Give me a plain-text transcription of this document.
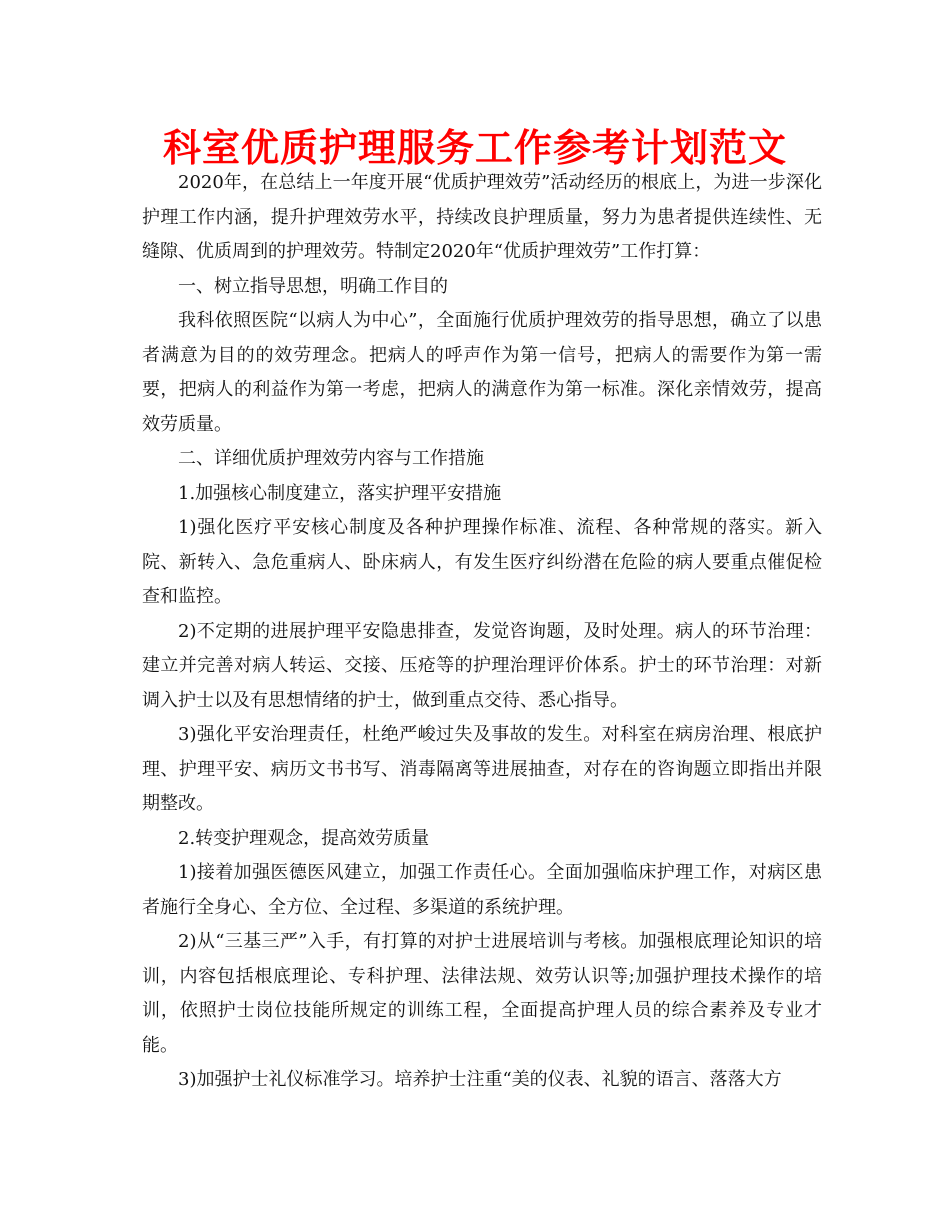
科室优质护理服务工作参考计划范文

2020年，在总结上一年度开展“优质护理效劳”活动经历的根底上，为进一步深化护理工作内涵，提升护理效劳水平，持续改良护理质量，努力为患者提供连续性、无缝隙、优质周到的护理效劳。特制定2020年“优质护理效劳”工作打算：

一、树立指导思想，明确工作目的

我科依照医院“以病人为中心”，全面施行优质护理效劳的指导思想，确立了以患者满意为目的的效劳理念。把病人的呼声作为第一信号，把病人的需要作为第一需要，把病人的利益作为第一考虑，把病人的满意作为第一标准。深化亲情效劳，提高效劳质量。

二、详细优质护理效劳内容与工作措施

1.加强核心制度建立，落实护理平安措施

1)强化医疗平安核心制度及各种护理操作标准、流程、各种常规的落实。新入院、新转入、急危重病人、卧床病人，有发生医疗纠纷潜在危险的病人要重点催促检查和监控。

2)不定期的进展护理平安隐患排查，发觉咨询题，及时处理。病人的环节治理：建立并完善对病人转运、交接、压疮等的护理治理评价体系。护士的环节治理：对新调入护士以及有思想情绪的护士，做到重点交待、悉心指导。

3)强化平安治理责任，杜绝严峻过失及事故的发生。对科室在病房治理、根底护理、护理平安、病历文书书写、消毒隔离等进展抽查，对存在的咨询题立即指出并限期整改。

2.转变护理观念，提高效劳质量

1)接着加强医德医风建立，加强工作责任心。全面加强临床护理工作，对病区患者施行全身心、全方位、全过程、多渠道的系统护理。

2)从“三基三严”入手，有打算的对护士进展培训与考核。加强根底理论知识的培训，内容包括根底理论、专科护理、法律法规、效劳认识等;加强护理技术操作的培训，依照护士岗位技能所规定的训练工程，全面提高护理人员的综合素养及专业才能。

3)加强护士礼仪标准学习。培养护士注重“美的仪表、礼貌的语言、落落大方
